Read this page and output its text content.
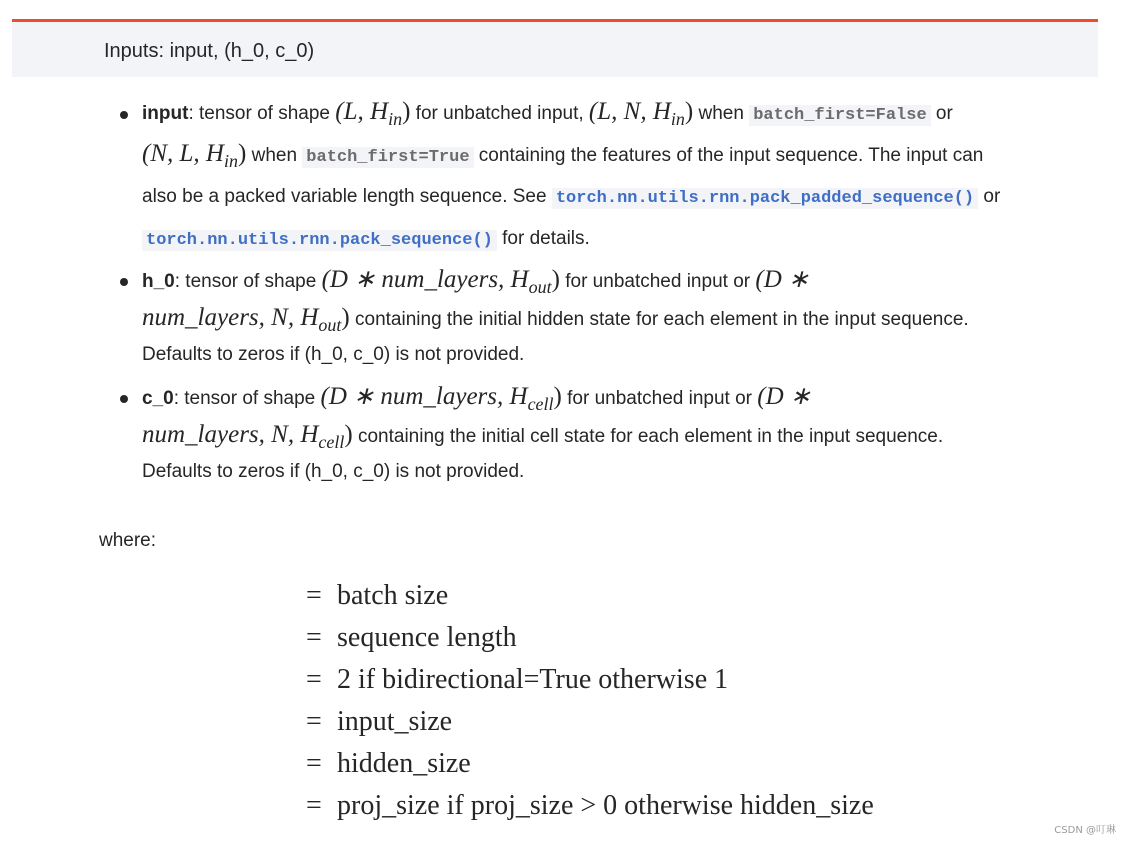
Inputs: input, (h_0, c_0)
input: tensor of shape (L, $H_{in}$) for unbatched input, (L, N, $H_{in}$) when batch_first=False or
(N, L, $H_{in}$) when batch_first=True containing the features of the input sequence. The input can
also be a packed variable length sequence. See torch.nn.utils.rnn.pack_padded_sequence() or
torch.nn.utils.rnn.pack_sequence() for details.
h_0: tensor of shape (D ∗ num_layers, $H_{out}$) for unbatched input or (D ∗
num_layers, N, $H_{out}$) containing the initial hidden state for each element in the input sequence.
Defaults to zeros if (h_0, c_0) is not provided.
c_0: tensor of shape (D ∗ num_layers, $H_{cell}$) for unbatched input or (D ∗
num_layers, N, $H_{cell}$) containing the initial cell state for each element in the input sequence.
Defaults to zeros if (h_0, c_0) is not provided.
where:
= batch size
= sequence length
= 2 if bidirectional=True otherwise 1
= input_size
= hidden_size
= proj_size if proj_size > 0 otherwise hidden_size
CSDN @叮琳
